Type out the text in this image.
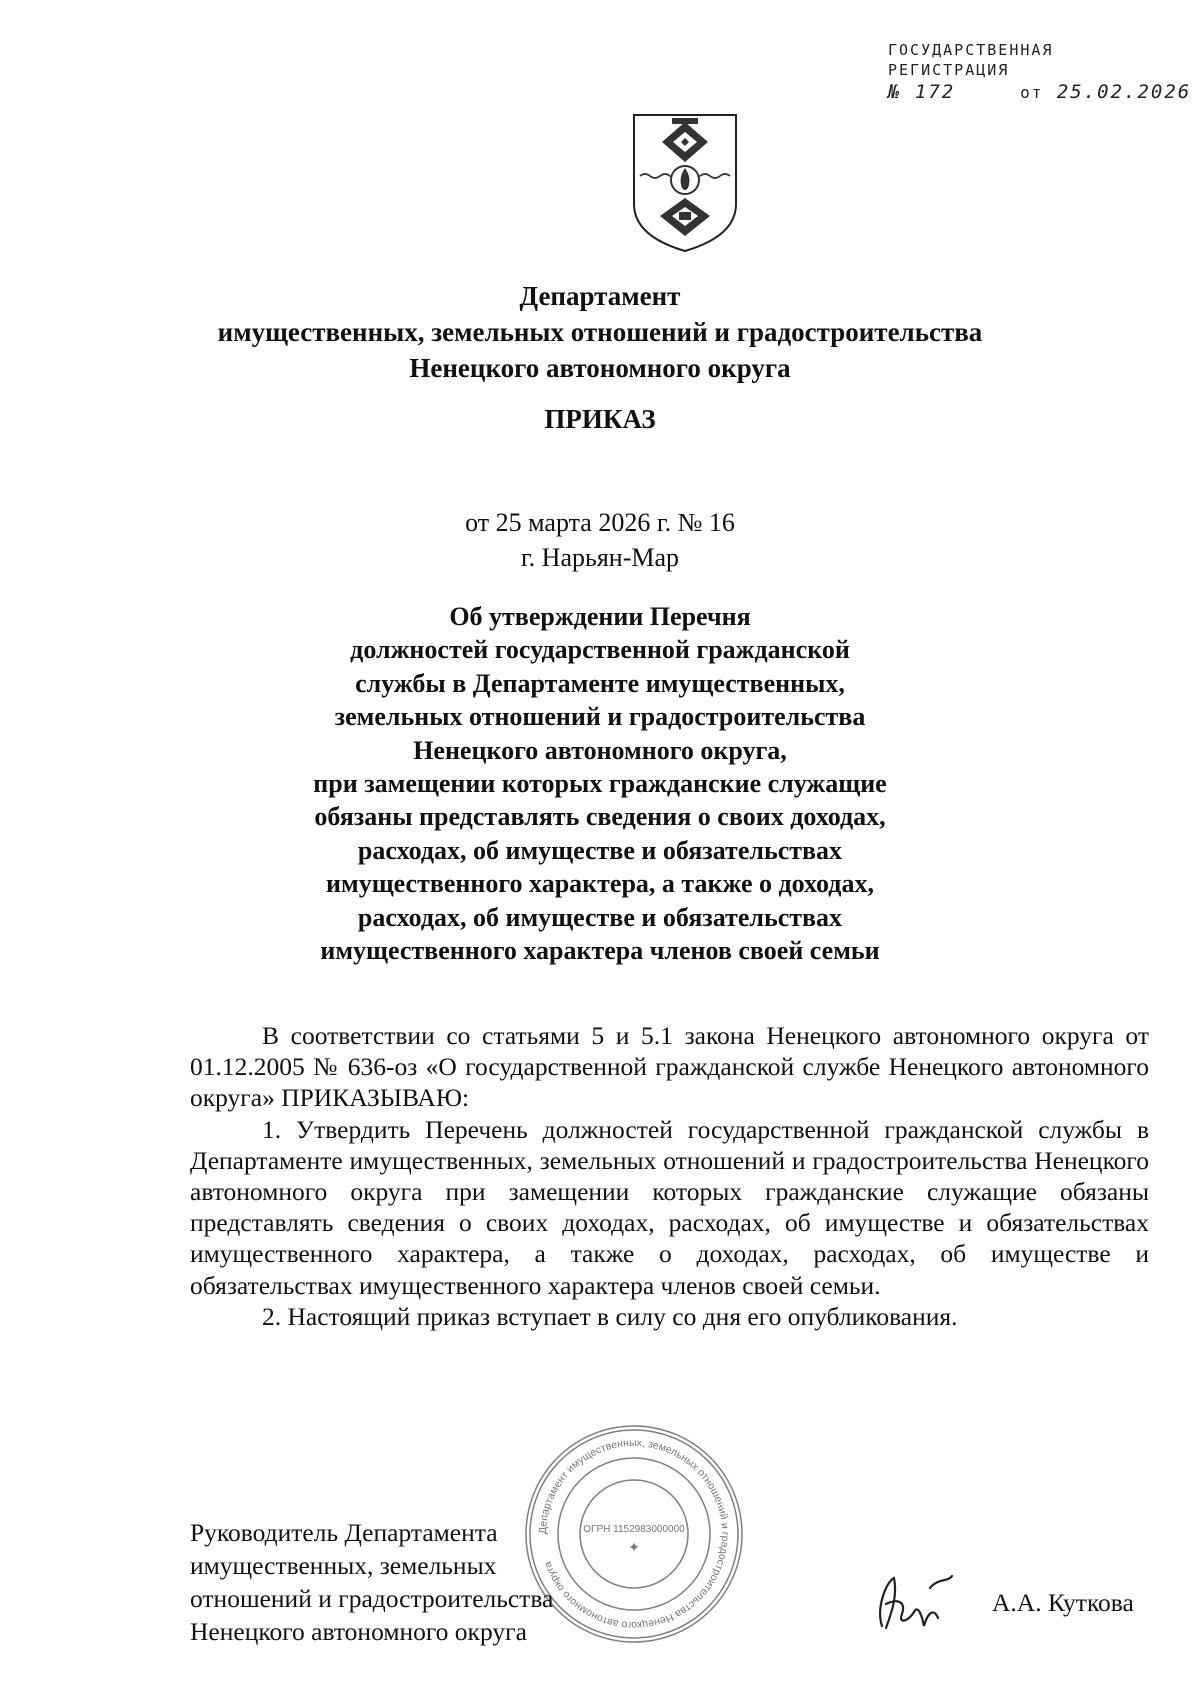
ГОСУДАРСТВЕННАЯ
РЕГИСТРАЦИЯ
№ 172	от 25.02.2026
Департамент
имущественных, земельных отношений и градостроительства
Ненецкого автономного округа
ПРИКАЗ
от 25 марта 2026 г. № 16
г. Нарьян-Мар
Об утверждении Перечня
должностей государственной гражданской
службы в Департаменте имущественных,
земельных отношений и градостроительства
Ненецкого автономного округа,
при замещении которых гражданские служащие
обязаны представлять сведения о своих доходах,
расходах, об имуществе и обязательствах
имущественного характера, а также о доходах,
расходах, об имуществе и обязательствах
имущественного характера членов своей семьи

В соответствии со статьями 5 и 5.1 закона Ненецкого автономного округа от 01.12.2005 № 636-оз «О государственной гражданской службе Ненецкого автономного округа» ПРИКАЗЫВАЮ:

1. Утвердить Перечень должностей государственной гражданской службы в Департаменте имущественных, земельных отношений и градостроительства Ненецкого автономного округа при замещении которых гражданские служащие обязаны представлять сведения о своих доходах, расходах, об имуществе и обязательствах имущественного характера, а также о доходах, расходах, об имуществе и обязательствах имущественного характера членов своей семьи.

2. Настоящий приказ вступает в силу со дня его опубликования.

Департамент имущественных, земельных отношений и градостроительства Ненецкого автономного округа
ОГРН 1152983000000
✦
Руководитель Департамента
имущественных, земельных
отношений и градостроительства
Ненецкого автономного округа
А.А. Куткова
